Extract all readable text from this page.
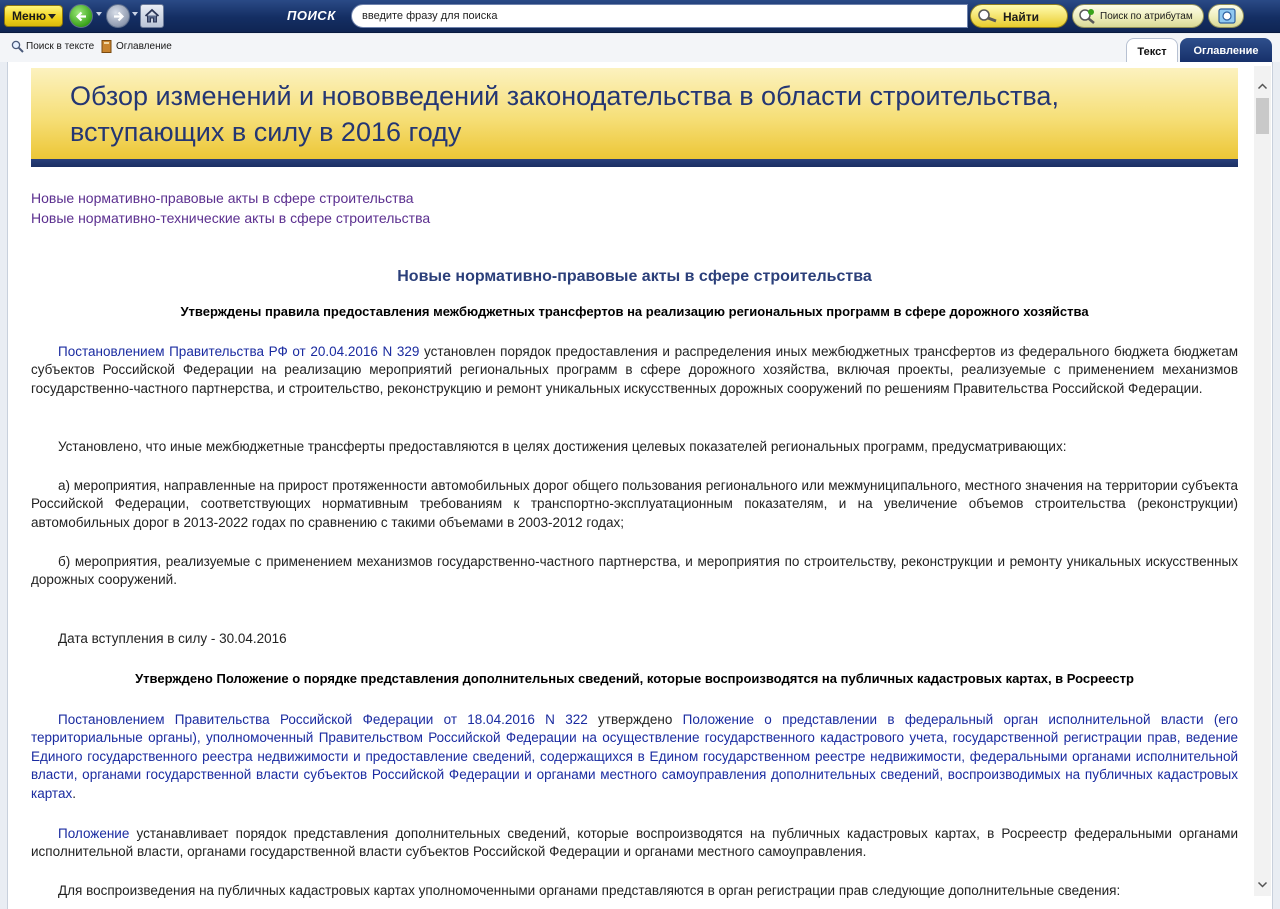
Меню	ПОИСК
введите фразу для поиска	Найти	Поиск по атрибутам
Поиск в тексте Оглавление	Текст	Оглавление
Обзор изменений и нововведений законодательства в области строительства, вступающих в силу в 2016 году
Новые нормативно-правовые акты в сфере строительства
Новые нормативно-технические акты в сфере строительства
Новые нормативно-правовые акты в сфере строительства
Утверждены правила предоставления межбюджетных трансфертов на реализацию региональных программ в сфере дорожного хозяйства
Постановлением Правительства РФ от 20.04.2016 N 329 установлен порядок предоставления и распределения иных межбюджетных трансфертов из федерального бюджета бюджетам субъектов Российской Федерации на реализацию мероприятий региональных программ в сфере дорожного хозяйства, включая проекты, реализуемые с применением механизмов государственно-частного партнерства, и строительство, реконструкцию и ремонт уникальных искусственных дорожных сооружений по решениям Правительства Российской Федерации.
Установлено, что иные межбюджетные трансферты предоставляются в целях достижения целевых показателей региональных программ, предусматривающих:
а) мероприятия, направленные на прирост протяженности автомобильных дорог общего пользования регионального или межмуниципального, местного значения на территории субъекта Российской Федерации, соответствующих нормативным требованиям к транспортно-эксплуатационным показателям, и на увеличение объемов строительства (реконструкции) автомобильных дорог в 2013-2022 годах по сравнению с такими объемами в 2003-2012 годах;
б) мероприятия, реализуемые с применением механизмов государственно-частного партнерства, и мероприятия по строительству, реконструкции и ремонту уникальных искусственных дорожных сооружений.
Дата вступления в силу - 30.04.2016
Утверждено Положение о порядке представления дополнительных сведений, которые воспроизводятся на публичных кадастровых картах, в Росреестр
Постановлением Правительства Российской Федерации от 18.04.2016 N 322 утверждено Положение о представлении в федеральный орган исполнительной власти (его территориальные органы), уполномоченный Правительством Российской Федерации на осуществление государственного кадастрового учета, государственной регистрации прав, ведение Единого государственного реестра недвижимости и предоставление сведений, содержащихся в Едином государственном реестре недвижимости, федеральными органами исполнительной власти, органами государственной власти субъектов Российской Федерации и органами местного самоуправления дополнительных сведений, воспроизводимых на публичных кадастровых картах.
Положение устанавливает порядок представления дополнительных сведений, которые воспроизводятся на публичных кадастровых картах, в Росреестр федеральными органами исполнительной власти, органами государственной власти субъектов Российской Федерации и органами местного самоуправления.
Для воспроизведения на публичных кадастровых картах уполномоченными органами представляются в орган регистрации прав следующие дополнительные сведения:
